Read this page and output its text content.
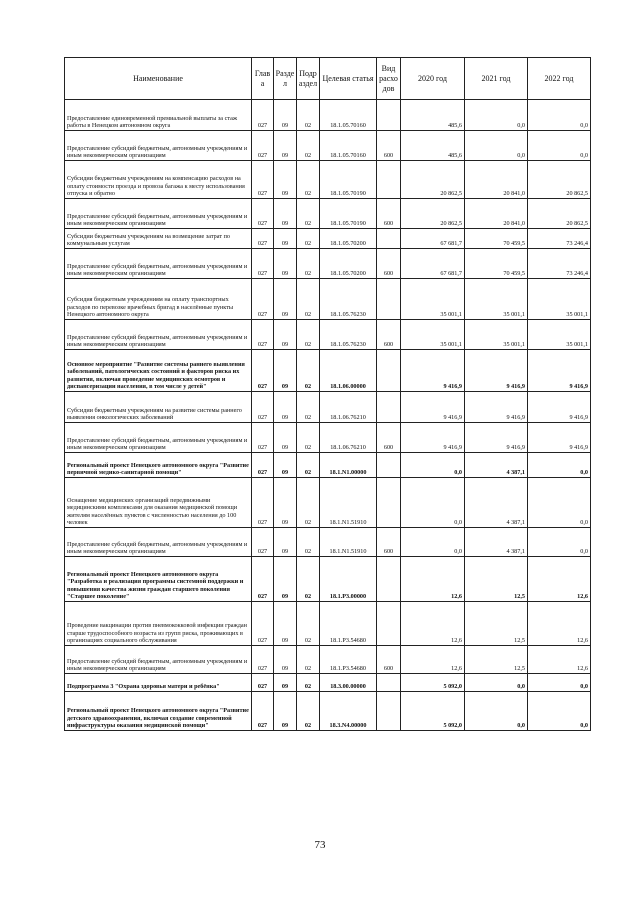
Наименование	Глав а	Разде л	Подр аздел	Целевая статья	Вид расхо дов	2020 год	2021 год	2022 год
Предоставление единовременной премиальной выплаты за стаж работы в Ненецком автономном округа	027	09	02	18.1.05.70160		485,6	0,0	0,0
Предоставление субсидий бюджетным, автономным учреждениям и иным некоммерческим организациям	027	09	02	18.1.05.70160	600	485,6	0,0	0,0
Субсидии бюджетным учреждениям на компенсацию расходов на оплату стоимости проезда и провоза багажа к месту использования отпуска и обратно	027	09	02	18.1.05.70190		20 862,5	20 841,0	20 862,5
Предоставление субсидий бюджетным, автономным учреждениям и иным некоммерческим организациям	027	09	02	18.1.05.70190	600	20 862,5	20 841,0	20 862,5
Субсидии бюджетным учреждениям на возмещение затрат по коммунальным услугам	027	09	02	18.1.05.70200		67 681,7	70 459,5	73 246,4
Предоставление субсидий бюджетным, автономным учреждениям и иным некоммерческим организациям	027	09	02	18.1.05.70200	600	67 681,7	70 459,5	73 246,4
Субсидия бюджетным учреждениям на оплату транспортных расходов по перевозке врачебных бригад в населённые пункты Ненецкого автономного округа	027	09	02	18.1.05.76230		35 001,1	35 001,1	35 001,1
Предоставление субсидий бюджетным, автономным учреждениям и иным некоммерческим организациям	027	09	02	18.1.05.76230	600	35 001,1	35 001,1	35 001,1
Основное мероприятие "Развитие системы раннего выявления заболеваний, патологических состояний и факторов риска их развития, включая проведение медицинских осмотров и диспансеризации населения, в том числе у детей"	027	09	02	18.1.06.00000		9 416,9	9 416,9	9 416,9
Субсидии бюджетным учреждениям на развитие системы раннего выявления онкологических заболеваний	027	09	02	18.1.06.76210		9 416,9	9 416,9	9 416,9
Предоставление субсидий бюджетным, автономным учреждениям и иным некоммерческим организациям	027	09	02	18.1.06.76210	600	9 416,9	9 416,9	9 416,9
Региональный проект Ненецкого автономного округа "Развитие первичной медико-санитарной помощи"	027	09	02	18.1.N1.00000		0,0	4 387,1	0,0
Оснащение медицинских организаций передвижными медицинскими комплексами для оказания медицинской помощи жителям населённых пунктов с численностью населения до 100 человек	027	09	02	18.1.N1.51910		0,0	4 387,1	0,0
Предоставление субсидий бюджетным, автономным учреждениям и иным некоммерческим организациям	027	09	02	18.1.N1.51910	600	0,0	4 387,1	0,0
Региональный проект Ненецкого автономного округа "Разработка и реализация программы системной поддержки и повышения качества жизни граждан старшего поколения "Старшее поколение"	027	09	02	18.1.P3.00000		12,6	12,5	12,6
Проведение вакцинации против пневмококковой инфекции граждан старше трудоспособного возраста из групп риска, проживающих в организациях социального обслуживания	027	09	02	18.1.P3.54680		12,6	12,5	12,6
Предоставление субсидий бюджетным, автономным учреждениям и иным некоммерческим организациям	027	09	02	18.1.P3.54680	600	12,6	12,5	12,6
Подпрограмма 3 "Охрана здоровья матери и ребёнка"	027	09	02	18.3.00.00000		5 092,0	0,0	0,0
Региональный проект Ненецкого автономного округа "Развитие детского здравоохранения, включая создание современной инфраструктуры оказания медицинской помощи"	027	09	02	18.3.N4.00000		5 092,0	0,0	0,0
73
